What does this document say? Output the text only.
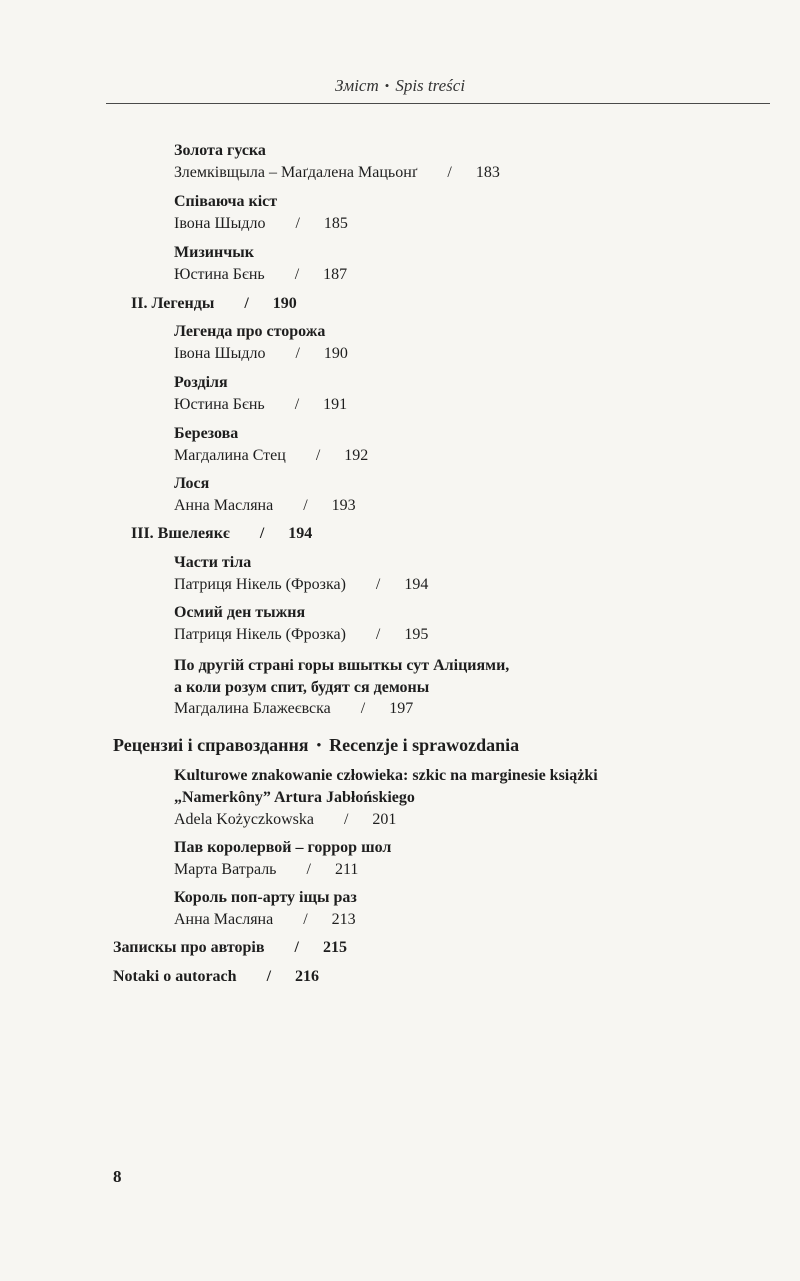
Зміст • Spis treści
Золота гуска
Злемківщыла – Маґдалена Мацьонґ / 183
Співаюча кіст
Івона Шыдло / 185
Мизинчык
Юстина Бєнь / 187
II. Легенды / 190
Легенда про сторожа
Івона Шыдло / 190
Розділя
Юстина Бєнь / 191
Березова
Магдалина Стец / 192
Лося
Анна Масляна / 193
III. Вшелеякє / 194
Части тіла
Патриця Нікель (Фрозка) / 194
Осмий ден тыжня
Патриця Нікель (Фрозка) / 195
По другій страні горы вшыткы сут Аліциями,
а коли розум спит, будят ся демоны
Магдалина Блажеєвска / 197
Рецензиі і справоздання • Recenzje i sprawozdania
Kulturowe znakowanie człowieka: szkic na marginesie książki
„Namerkôny” Artura Jabłońskiego
Adela Kożyczkowska / 201
Пав королервой – горрор шол
Марта Ватраль / 211
Король поп-арту іщы раз
Анна Масляна / 213
Запискы про авторів / 215
Notaki o autorach / 216
8
